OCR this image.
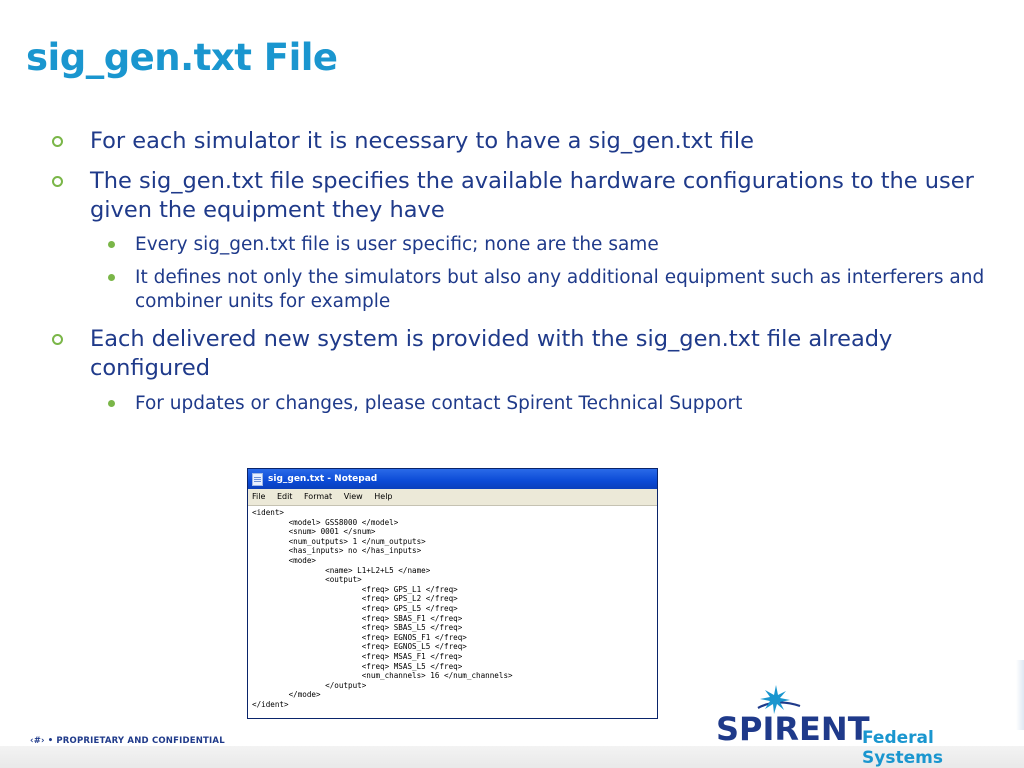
sig_gen.txt File
For each simulator it is necessary to have a sig_gen.txt file
The sig_gen.txt file specifies the available hardware configurations to the user given the equipment they have
Every sig_gen.txt file is user specific; none are the same
It defines not only the simulators but also any additional equipment such as interferers and combiner units for example
Each delivered new system is provided with the sig_gen.txt file already configured
For updates or changes, please contact Spirent Technical Support
sig_gen.txt - Notepad
File Edit Format View Help
<ident>
<model> GSS8000 </model>
<snum> 0001 </snum>
<num_outputs> 1 </num_outputs>
<has_inputs> no </has_inputs>
<mode>
<name> L1+L2+L5 </name>
<output>
<freq> GPS_L1 </freq>
<freq> GPS_L2 </freq>
<freq> GPS_L5 </freq>
<freq> SBAS_F1 </freq>
<freq> SBAS_L5 </freq>
<freq> EGNOS_F1 </freq>
<freq> EGNOS_L5 </freq>
<freq> MSAS_F1 </freq>
<freq> MSAS_L5 </freq>
<num_channels> 16 </num_channels>
</output>
</mode>
</ident>
‹#› • PROPRIETARY AND CONFIDENTIAL	SPIRENT
Federal Systems
